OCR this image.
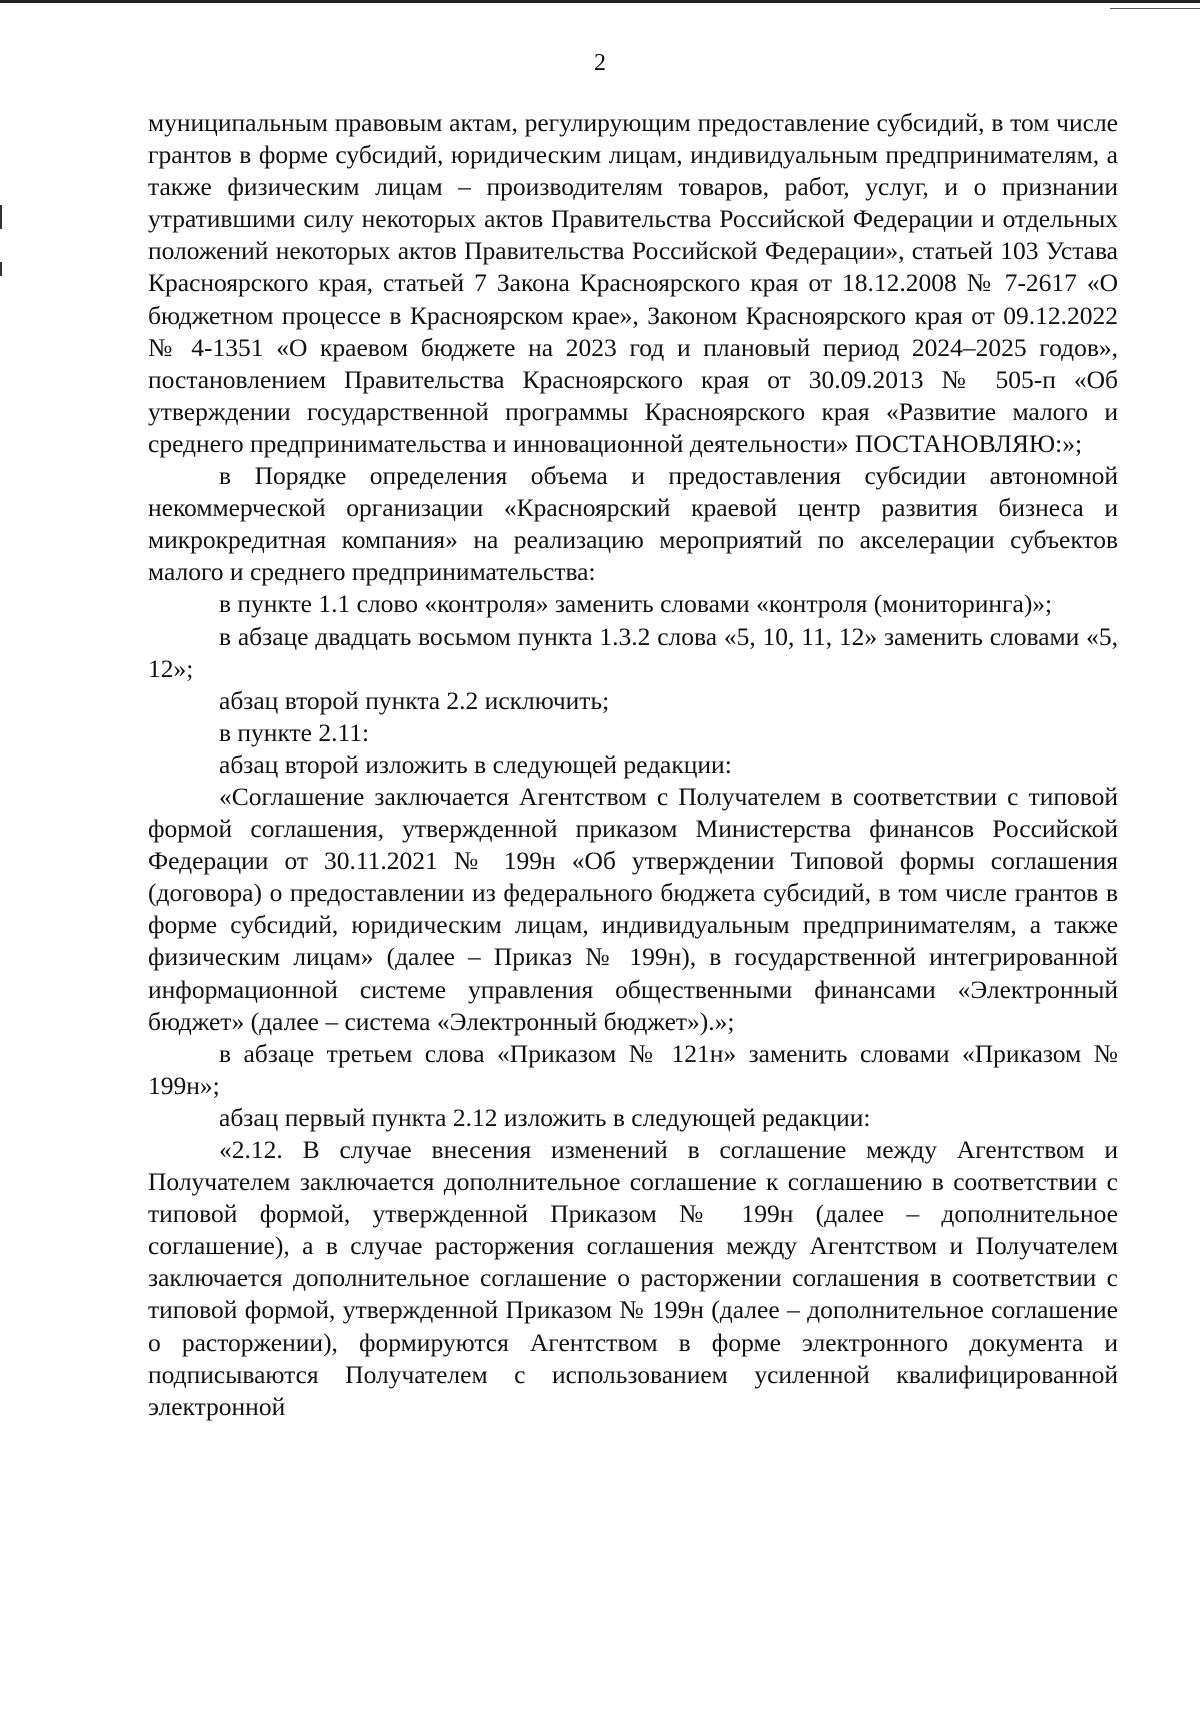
2

муниципальным правовым актам, регулирующим предоставление субсидий, в том числе грантов в форме субсидий, юридическим лицам, индивидуальным предпринимателям, а также физическим лицам – производителям товаров, работ, услуг, и о признании утратившими силу некоторых актов Правительства Российской Федерации и отдельных положений некоторых актов Правительства Российской Федерации», статьей 103 Устава Красноярского края, статьей 7 Закона Красноярского края от 18.12.2008 № 7-2617 «О бюджетном процессе в Красноярском крае», Законом Красноярского края от 09.12.2022 № 4-1351 «О краевом бюджете на 2023 год и плановый период 2024–2025 годов», постановлением Правительства Красноярского края от 30.09.2013 № 505-п «Об утверждении государственной программы Красноярского края «Развитие малого и среднего предпринимательства и инновационной деятельности» ПОСТАНОВЛЯЮ:»;

в Порядке определения объема и предоставления субсидии автономной некоммерческой организации «Красноярский краевой центр развития бизнеса и микрокредитная компания» на реализацию мероприятий по акселерации субъектов малого и среднего предпринимательства:

в пункте 1.1 слово «контроля» заменить словами «контроля (мониторинга)»;

в абзаце двадцать восьмом пункта 1.3.2 слова «5, 10, 11, 12» заменить словами «5, 12»;

абзац второй пункта 2.2 исключить;

в пункте 2.11:

абзац второй изложить в следующей редакции:

«Соглашение заключается Агентством с Получателем в соответствии с типовой формой соглашения, утвержденной приказом Министерства финансов Российской Федерации от 30.11.2021 № 199н «Об утверждении Типовой формы соглашения (договора) о предоставлении из федерального бюджета субсидий, в том числе грантов в форме субсидий, юридическим лицам, индивидуальным предпринимателям, а также физическим лицам» (далее – Приказ № 199н), в государственной интегрированной информационной системе управления общественными финансами «Электронный бюджет» (далее – система «Электронный бюджет»).»;

в абзаце третьем слова «Приказом № 121н» заменить словами «Приказом № 199н»;

абзац первый пункта 2.12 изложить в следующей редакции:

«2.12. В случае внесения изменений в соглашение между Агентством и Получателем заключается дополнительное соглашение к соглашению в соответствии с типовой формой, утвержденной Приказом № 199н (далее – дополнительное соглашение), а в случае расторжения соглашения между Агентством и Получателем заключается дополнительное соглашение о расторжении соглашения в соответствии с типовой формой, утвержденной Приказом № 199н (далее – дополнительное соглашение о расторжении), формируются Агентством в форме электронного документа и подписываются Получателем с использованием усиленной квалифицированной электронной
